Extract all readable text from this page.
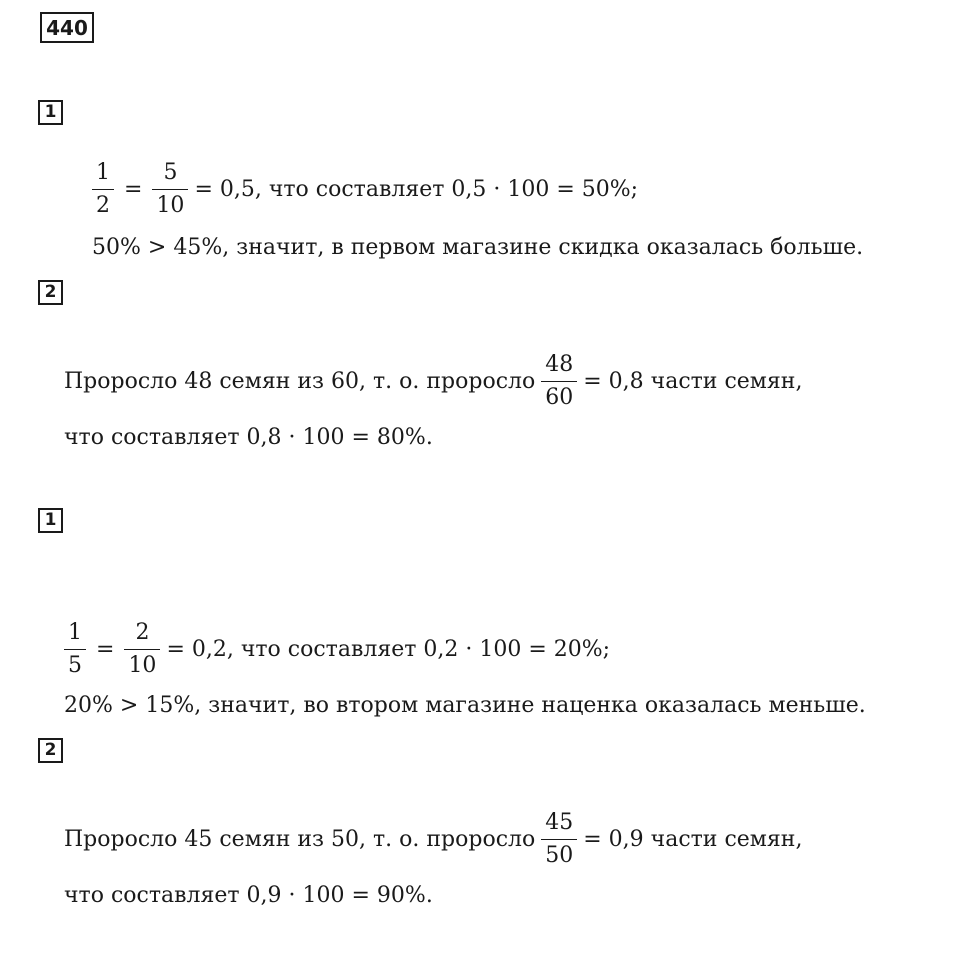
440
1
$\frac{1}{2} = \frac{5}{10} = 0,5$, что составляет 0,5 · 100 = 50%;
50% > 45%, значит, в первом магазине скидка оказалась больше.
2
Проросло 48 семян из 60, т. о. проросло $\frac{48}{60} = 0,8$ части семян,
что составляет 0,8 · 100 = 80%.
1
$\frac{1}{5} = \frac{2}{10} = 0,2$, что составляет 0,2 · 100 = 20%;
20% > 15%, значит, во втором магазине наценка оказалась меньше.
2
Проросло 45 семян из 50, т. о. проросло $\frac{45}{50} = 0,9$ части семян,
что составляет 0,9 · 100 = 90%.
